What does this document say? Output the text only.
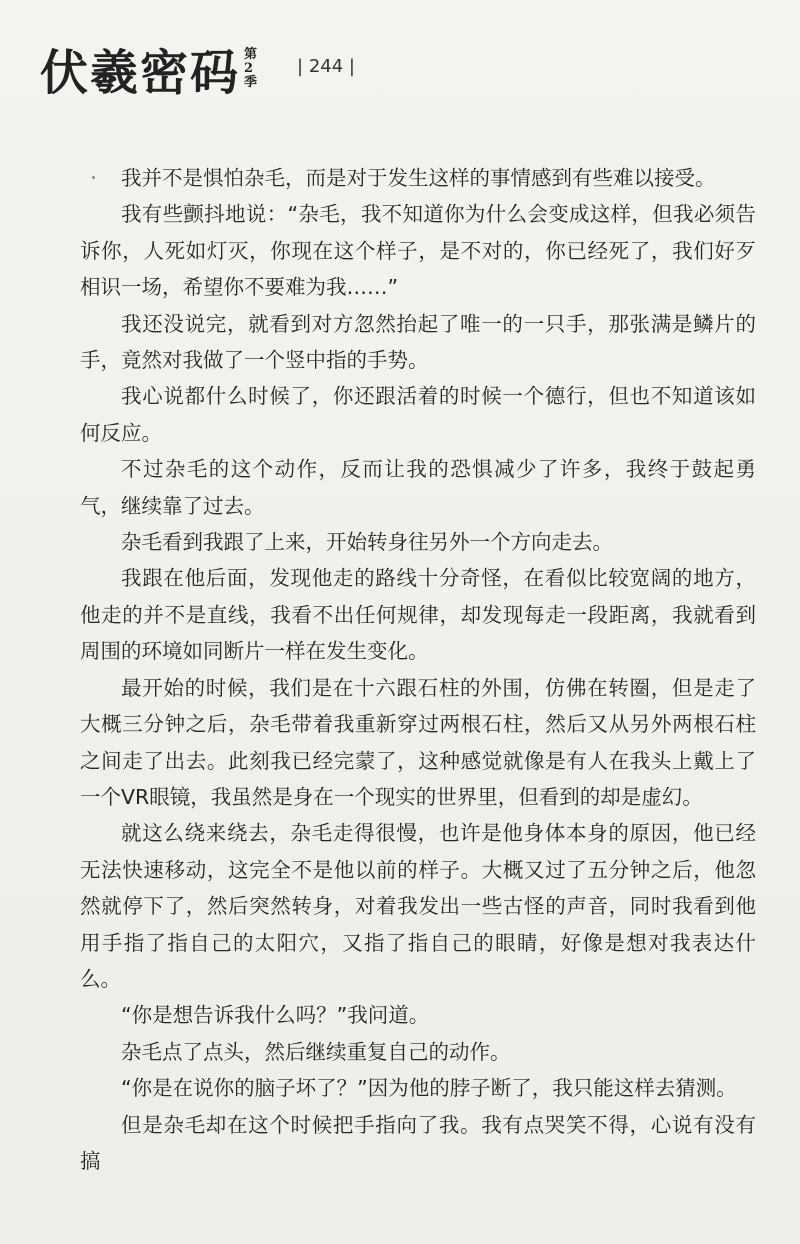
伏羲密码 第
2
季
| 244 |

我并不是惧怕杂毛，而是对于发生这样的事情感到有些难以接受。

我有些颤抖地说：“杂毛，我不知道你为什么会变成这样，但我必须告诉你，人死如灯灭，你现在这个样子，是不对的，你已经死了，我们好歹相识一场，希望你不要难为我……”

我还没说完，就看到对方忽然抬起了唯一的一只手，那张满是鳞片的手，竟然对我做了一个竖中指的手势。

我心说都什么时候了，你还跟活着的时候一个德行，但也不知道该如何反应。

不过杂毛的这个动作，反而让我的恐惧减少了许多，我终于鼓起勇气，继续靠了过去。

杂毛看到我跟了上来，开始转身往另外一个方向走去。

我跟在他后面，发现他走的路线十分奇怪，在看似比较宽阔的地方，他走的并不是直线，我看不出任何规律，却发现每走一段距离，我就看到周围的环境如同断片一样在发生变化。

最开始的时候，我们是在十六跟石柱的外围，仿佛在转圈，但是走了大概三分钟之后，杂毛带着我重新穿过两根石柱，然后又从另外两根石柱之间走了出去。此刻我已经完蒙了，这种感觉就像是有人在我头上戴上了一个VR眼镜，我虽然是身在一个现实的世界里，但看到的却是虚幻。

就这么绕来绕去，杂毛走得很慢，也许是他身体本身的原因，他已经无法快速移动，这完全不是他以前的样子。大概又过了五分钟之后，他忽然就停下了，然后突然转身，对着我发出一些古怪的声音，同时我看到他用手指了指自己的太阳穴，又指了指自己的眼睛，好像是想对我表达什么。

“你是想告诉我什么吗？”我问道。

杂毛点了点头，然后继续重复自己的动作。

“你是在说你的脑子坏了？”因为他的脖子断了，我只能这样去猜测。

但是杂毛却在这个时候把手指向了我。我有点哭笑不得，心说有没有搞
